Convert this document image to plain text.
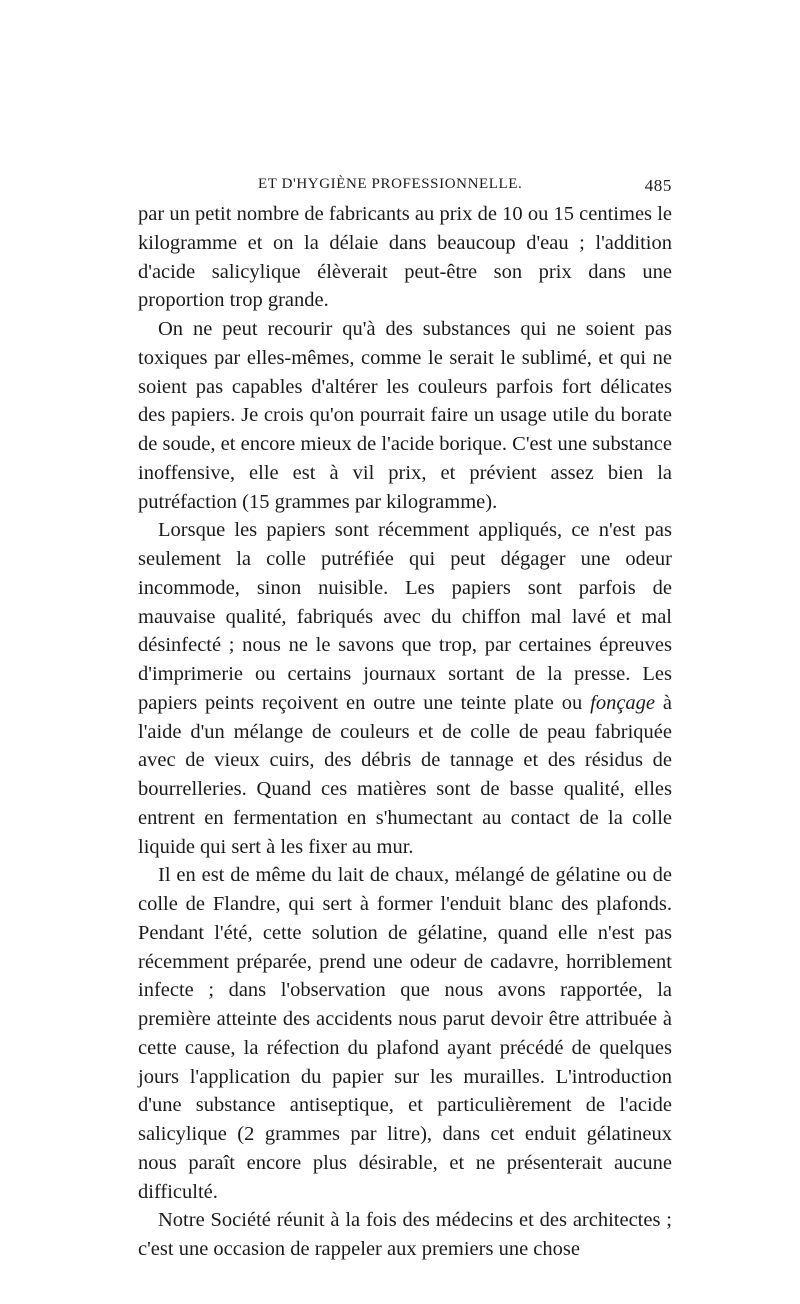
ET D'HYGIÈNE PROFESSIONNELLE.	485

par un petit nombre de fabricants au prix de 10 ou 15 centimes le kilogramme et on la délaie dans beaucoup d'eau ; l'addition d'acide salicylique élèverait peut-être son prix dans une proportion trop grande.

On ne peut recourir qu'à des substances qui ne soient pas toxiques par elles-mêmes, comme le serait le sublimé, et qui ne soient pas capables d'altérer les couleurs parfois fort délicates des papiers. Je crois qu'on pourrait faire un usage utile du borate de soude, et encore mieux de l'acide borique. C'est une substance inoffensive, elle est à vil prix, et prévient assez bien la putréfaction (15 grammes par kilogramme).

Lorsque les papiers sont récemment appliqués, ce n'est pas seulement la colle putréfiée qui peut dégager une odeur incommode, sinon nuisible. Les papiers sont parfois de mauvaise qualité, fabriqués avec du chiffon mal lavé et mal désinfecté ; nous ne le savons que trop, par certaines épreuves d'imprimerie ou certains journaux sortant de la presse. Les papiers peints reçoivent en outre une teinte plate ou fonçage à l'aide d'un mélange de couleurs et de colle de peau fabriquée avec de vieux cuirs, des débris de tannage et des résidus de bourrelleries. Quand ces matières sont de basse qualité, elles entrent en fermentation en s'humectant au contact de la colle liquide qui sert à les fixer au mur.

Il en est de même du lait de chaux, mélangé de gélatine ou de colle de Flandre, qui sert à former l'enduit blanc des plafonds. Pendant l'été, cette solution de gélatine, quand elle n'est pas récemment préparée, prend une odeur de cadavre, horriblement infecte ; dans l'observation que nous avons rapportée, la première atteinte des accidents nous parut devoir être attribuée à cette cause, la réfection du plafond ayant précédé de quelques jours l'application du papier sur les murailles. L'introduction d'une substance antiseptique, et particulièrement de l'acide salicylique (2 grammes par litre), dans cet enduit gélatineux nous paraît encore plus désirable, et ne présenterait aucune difficulté.

Notre Société réunit à la fois des médecins et des architectes ; c'est une occasion de rappeler aux premiers une chose
